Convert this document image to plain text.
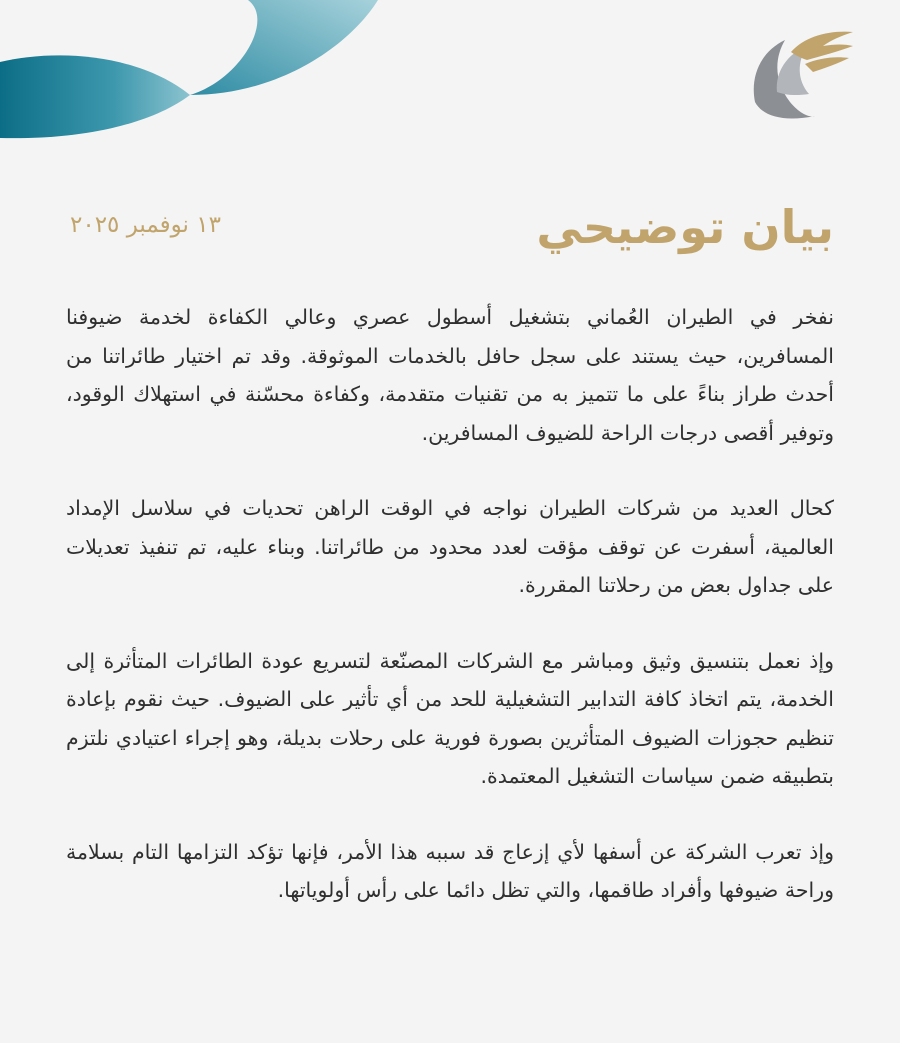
بيان توضيحي
١٣ نوفمبر ٢٠٢٥

نفخر في الطيران العُماني بتشغيل أسطول عصري وعالي الكفاءة لخدمة ضيوفنا المسافرين، حيث يستند على سجل حافل بالخدمات الموثوقة. وقد تم اختيار طائراتنا من أحدث طراز بناءً على ما تتميز به من تقنيات متقدمة، وكفاءة محسّنة في استهلاك الوقود، وتوفير أقصى درجات الراحة للضيوف المسافرين.

كحال العديد من شركات الطيران نواجه في الوقت الراهن تحديات في سلاسل الإمداد العالمية، أسفرت عن توقف مؤقت لعدد محدود من طائراتنا. وبناء عليه، تم تنفيذ تعديلات على جداول بعض من رحلاتنا المقررة.

وإذ نعمل بتنسيق وثيق ومباشر مع الشركات المصنّعة لتسريع عودة الطائرات المتأثرة إلى الخدمة، يتم اتخاذ كافة التدابير التشغيلية للحد من أي تأثير على الضيوف. حيث نقوم بإعادة تنظيم حجوزات الضيوف المتأثرين بصورة فورية على رحلات بديلة، وهو إجراء اعتيادي نلتزم بتطبيقه ضمن سياسات التشغيل المعتمدة.

وإذ تعرب الشركة عن أسفها لأي إزعاج قد سببه هذا الأمر، فإنها تؤكد التزامها التام بسلامة وراحة ضيوفها وأفراد طاقمها، والتي تظل دائما على رأس أولوياتها.
